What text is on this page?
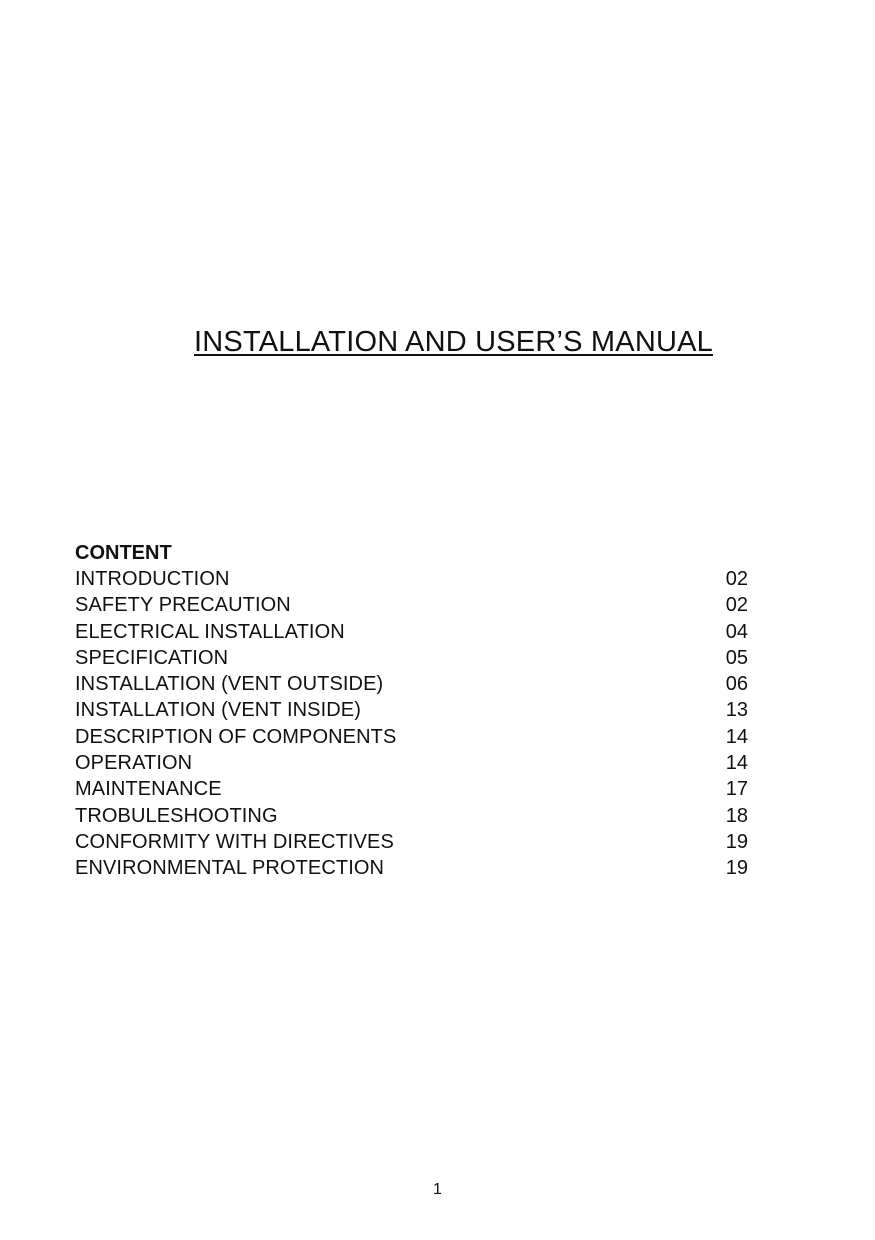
INSTALLATION AND USER’S MANUAL
CONTENT
INTRODUCTION	02
SAFETY PRECAUTION	02
ELECTRICAL INSTALLATION	04
SPECIFICATION	05
INSTALLATION (VENT OUTSIDE)	06
INSTALLATION (VENT INSIDE)	13
DESCRIPTION OF COMPONENTS	14
OPERATION	14
MAINTENANCE	17
TROBULESHOOTING	18
CONFORMITY WITH DIRECTIVES	19
ENVIRONMENTAL PROTECTION	19
1
